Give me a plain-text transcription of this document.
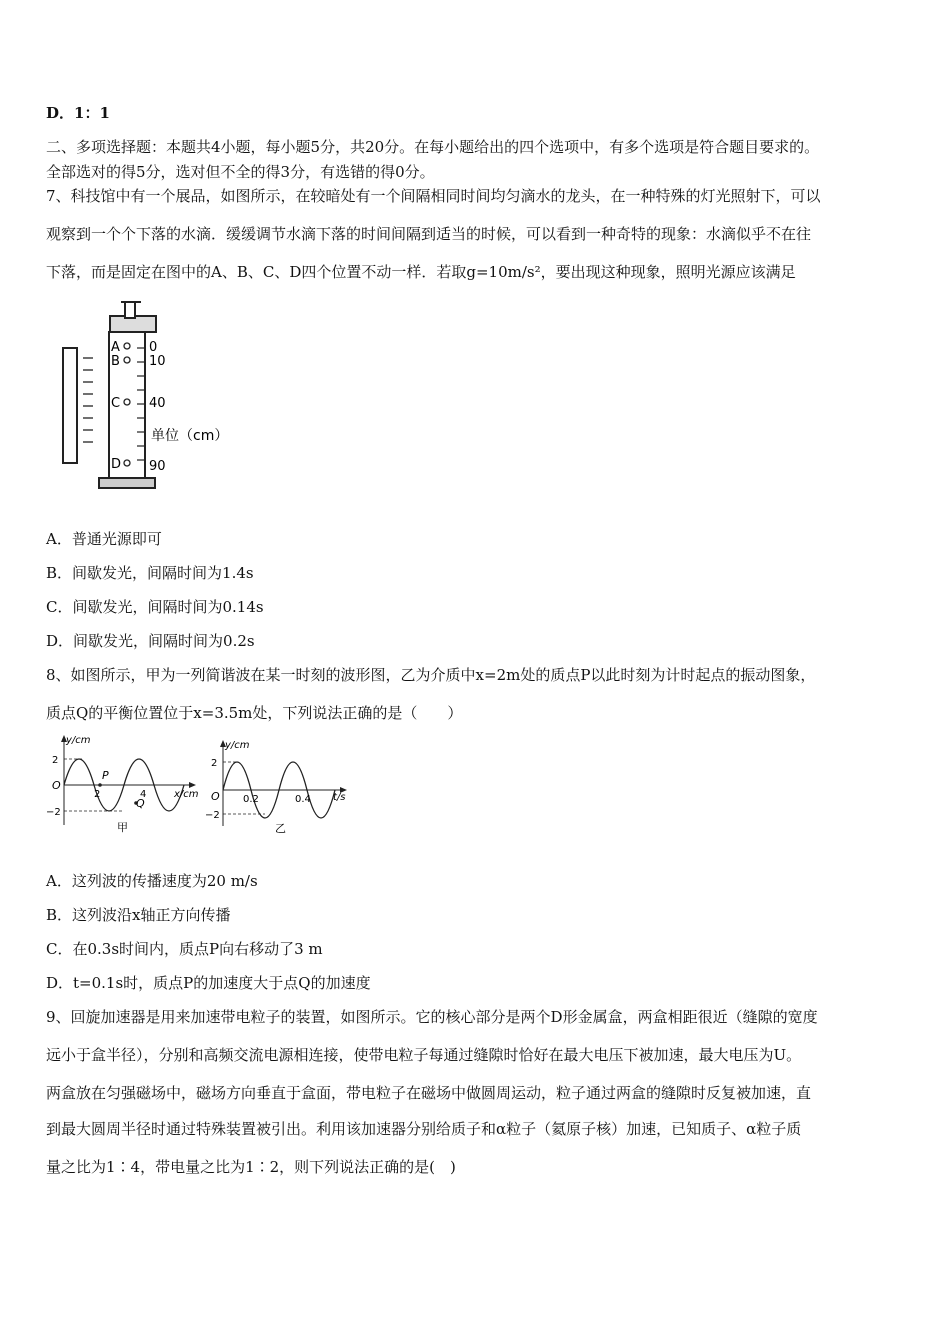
D．1：1
二、多项选择题：本题共4小题，每小题5分，共20分。在每小题给出的四个选项中，有多个选项是符合题目要求的。
全部选对的得5分，选对但不全的得3分，有选错的得0分。
7、科技馆中有一个展品，如图所示，在较暗处有一个间隔相同时间均匀滴水的龙头，在一种特殊的灯光照射下，可以
观察到一个个下落的水滴．缓缓调节水滴下落的时间间隔到适当的时候，可以看到一种奇特的现象：水滴似乎不在往
下落，而是固定在图中的A、B、C、D四个位置不动一样．若取g=10m/s²，要出现这种现象，照明光源应该满足
A
B
C
D
0
10
40
90
单位（cm）
A．普通光源即可
B．间歇发光，间隔时间为1.4s
C．间歇发光，间隔时间为0.14s
D．间歇发光，间隔时间为0.2s
8、如图所示，甲为一列简谐波在某一时刻的波形图，乙为介质中x=2m处的质点P以此时刻为计时起点的振动图象，
质点Q的平衡位置位于x=3.5m处，下列说法正确的是（　　）
y/cm
x/cm
O
2
−2
2	4
P
Q
甲
y/cm
t/s
O
2
−2
0.2	0.4
乙
A．这列波的传播速度为20 m/s
B．这列波沿x轴正方向传播
C．在0.3s时间内，质点P向右移动了3 m
D．t=0.1s时，质点P的加速度大于点Q的加速度
9、回旋加速器是用来加速带电粒子的装置，如图所示。它的核心部分是两个D形金属盒，两盒相距很近（缝隙的宽度
远小于盒半径），分别和高频交流电源相连接，使带电粒子每通过缝隙时恰好在最大电压下被加速，最大电压为U。
两盒放在匀强磁场中，磁场方向垂直于盒面，带电粒子在磁场中做圆周运动，粒子通过两盒的缝隙时反复被加速，直
到最大圆周半径时通过特殊装置被引出。利用该加速器分别给质子和α粒子（氦原子核）加速，已知质子、α粒子质
量之比为1∶4，带电量之比为1∶2，则下列说法正确的是(　)
